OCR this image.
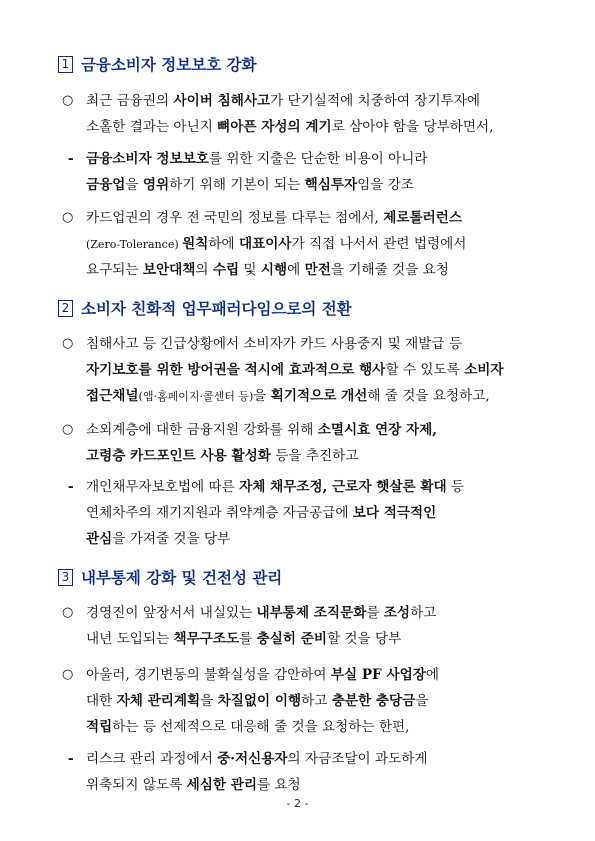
1 금융소비자 정보보호 강화
○ 최근 금융권의 사이버 침해사고가 단기실적에 치중하여 장기투자에
소홀한 결과는 아닌지 뼈아픈 자성의 계기로 삼아야 함을 당부하면서,
- 금융소비자 정보보호를 위한 지출은 단순한 비용이 아니라
금융업을 영위하기 위해 기본이 되는 핵심투자임을 강조
○ 카드업권의 경우 전 국민의 정보를 다루는 점에서, 제로톨러런스
(Zero-Tolerance) 원칙하에 대표이사가 직접 나서서 관련 법령에서
요구되는 보안대책의 수립 및 시행에 만전을 기해줄 것을 요청
2 소비자 친화적 업무패러다임으로의 전환
○ 침해사고 등 긴급상황에서 소비자가 카드 사용중지 및 재발급 등
자기보호를 위한 방어권을 적시에 효과적으로 행사할 수 있도록 소비자
접근채널(앱·홈페이지·콜센터 등)을 획기적으로 개선해 줄 것을 요청하고,
○ 소외계층에 대한 금융지원 강화를 위해 소멸시효 연장 자제,
고령층 카드포인트 사용 활성화 등을 추진하고
- 개인채무자보호법에 따른 자체 채무조정, 근로자 햇살론 확대 등
연체차주의 재기지원과 취약계층 자금공급에 보다 적극적인
관심을 가져줄 것을 당부
3 내부통제 강화 및 건전성 관리
○ 경영진이 앞장서서 내실있는 내부통제 조직문화를 조성하고
내년 도입되는 책무구조도를 충실히 준비할 것을 당부
○ 아울러, 경기변동의 불확실성을 감안하여 부실 PF 사업장에
대한 자체 관리계획을 차질없이 이행하고 충분한 충당금을
적립하는 등 선제적으로 대응해 줄 것을 요청하는 한편,
- 리스크 관리 과정에서 중·저신용자의 자금조달이 과도하게
위축되지 않도록 세심한 관리를 요청
- 2 -
